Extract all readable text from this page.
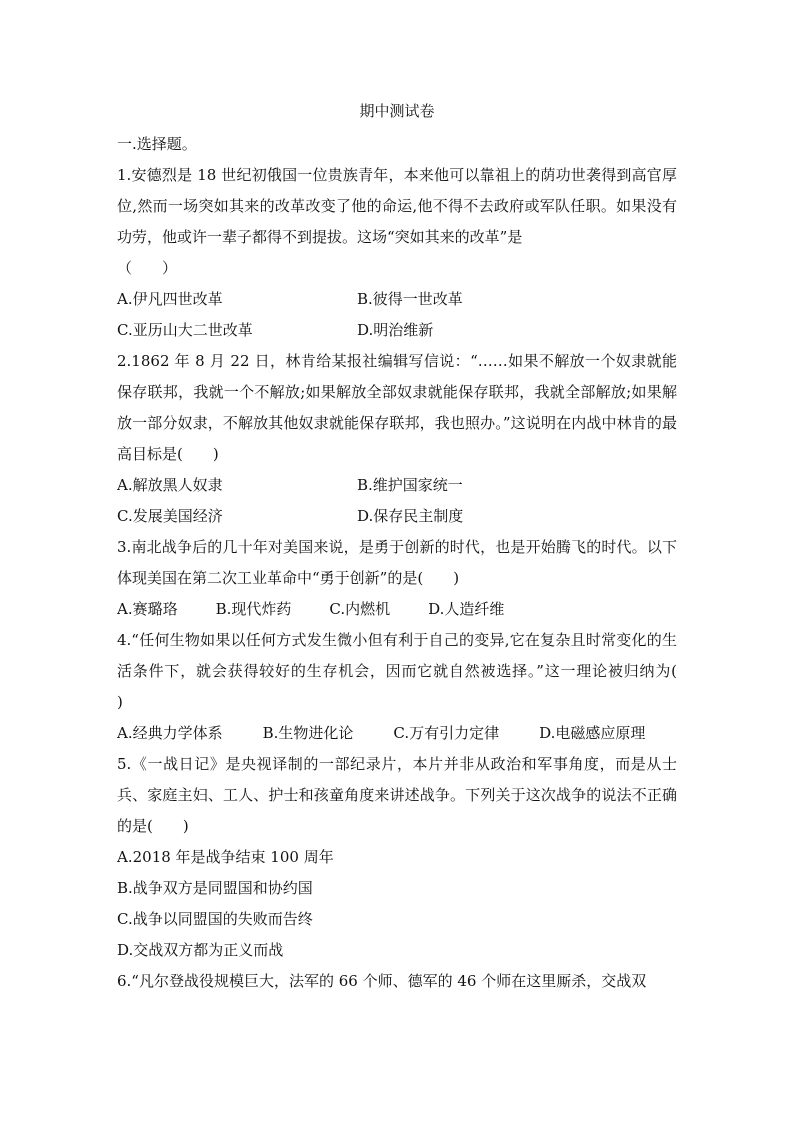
期中测试卷
一.选择题。
1.安德烈是 18 世纪初俄国一位贵族青年，本来他可以靠祖上的荫功世袭得到高官厚位,然而一场突如其来的改革改变了他的命运,他不得不去政府或军队任职。如果没有功劳，他或许一辈子都得不到提拔。这场“突如其来的改革”是
（　　）
A.伊凡四世改革	B.彼得一世改革
C.亚历山大二世改革	D.明治维新
2.1862 年 8 月 22 日，林肯给某报社编辑写信说：“……如果不解放一个奴隶就能保存联邦，我就一个不解放;如果解放全部奴隶就能保存联邦，我就全部解放;如果解放一部分奴隶，不解放其他奴隶就能保存联邦，我也照办。”这说明在内战中林肯的最高目标是(　　)
A.解放黑人奴隶	B.维护国家统一
C.发展美国经济	D.保存民主制度
3.南北战争后的几十年对美国来说，是勇于创新的时代，也是开始腾飞的时代。以下体现美国在第二次工业革命中“勇于创新”的是(　　)
A.赛璐珞	B.现代炸药	C.内燃机	D.人造纤维
4.“任何生物如果以任何方式发生微小但有利于自己的变异,它在复杂且时常变化的生活条件下，就会获得较好的生存机会，因而它就自然被选择。”这一理论被归纳为(　　)
A.经典力学体系	B.生物进化论	C.万有引力定律	D.电磁感应原理
5.《一战日记》是央视译制的一部纪录片，本片并非从政治和军事角度，而是从士兵、家庭主妇、工人、护士和孩童角度来讲述战争。下列关于这次战争的说法不正确的是(　　)
A.2018 年是战争结束 100 周年
B.战争双方是同盟国和协约国
C.战争以同盟国的失败而告终
D.交战双方都为正义而战
6.“凡尔登战役规模巨大，法军的 66 个师、德军的 46 个师在这里厮杀，交战双
